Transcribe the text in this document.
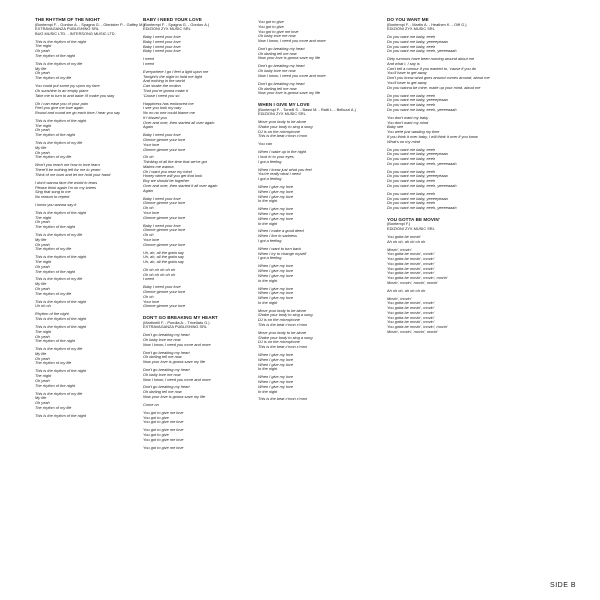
THE RHYTHM OF THE NIGHT
(Bontempi F. - Gordon A. - Spagna G. - Glenister P. - Gaffey M.)
EXTRAVAGANZA PUBLISHING SRL
BUG MUSIC LTD. - INTERSONG MUSIC LTD.
This is the rhythm of the night
The night
Oh yeah
The rhythm of the night
This is the rhythm of my life
My life
Oh yeah
The rhythm of my life
You could put some joy upon my face
Oh sunshine in an empty place
Take me to turn to and babe I'll make you stay
Oh I can ease you of your pain
Feel you give me love again
Round and round we go each time I hear you say
This is the rhythm of the night
The night
Oh yeah
The rhythm of the night
This is the rhythm of my life
My life
Oh yeah
The rhythm of my life
Won't you teach me how to love learn
There'll be nothing left for me to yearn
Think of me burn and let me hold your hand
I don't wanna face the world in tears
Please think again I'm on my knees
Sing that song to me
No reason to repent
I know you wanna say it
This is the rhythm of the night
The night
Oh yeah
The rhythm of the night
This is the rhythm of my life
My life
Oh yeah
The rhythm of my life
This is the rhythm of the night
The night
Oh yeah
The rhythm of the night
This is the rhythm of my life
My life
Oh yeah
The rhythm of my life
This is the rhythm of the night
Uh oh oh
Rhythm of the night
This is the rhythm of the night
This is the rhythm of the night
The night
Oh yeah
The rhythm of the night
This is the rhythm of my life
My life
Oh yeah
The rhythm of my life
This is the rhythm of the night
The night
Oh yeah
The rhythm of the night
This is the rhythm of my life
My life
Oh yeah
The rhythm of my life
This is the rhythm of the night
BABY I NEED YOUR LOVE
(Bontempi F. - Spagna G. - Gordon A.)
EDIZIONI ZYX MUSIC SRL
Baby I need your love
Baby I need your love
Baby I need your love
Baby I need your love
I need
I need
Everywhere I go I feel a light upon me
Tonight's the night to hold me tight
And nothing in the world
Can shake the motion
That you're gonna make it
'Cause I need you so
Happiness has embraced me
I see you look my way
No no no one could blame me
If I kissed you
Over and over, then started all over again
Again
Baby I need your love
Gimme gimme your love
Your love
Gimme gimme your love
Oh oh
Thinking of all the time that we've got
Makes me wanna
Oh I want you near my mind
Honey where will you get that look
Boy we should be together
Over and over, then started it all over again
Again
Baby I need your love
Gimme gimme your love
Oh oh
Your love
Gimme gimme your love
Baby I need your love
Gimme gimme your love
Oh oh
Your love
Gimme gimme your love
Uh, ah, all the gotta say
Uh, ah, all the gotta say
Uh, ah, all the gotta say
Oh oh oh oh oh oh
Oh oh oh oh oh oh
I need
Baby I need your love
Gimme gimme your love
Oh oh
Your love
Gimme gimme your love
DON'T GO BREAKING MY HEART
(Martinelli F. - Pundia A. - Trivellato G.)
EXTRAVAGANZA PUBLISHING SRL
Don't go breaking my heart
Oh baby love me now
Now I know, I need you more and more
Don't go breaking my heart
Oh darling tell me now
Now your love is gonna save my life
Don't go breaking my heart
Oh baby love me now
Now I know, I need you more and more
Don't go breaking my heart
Oh darling tell me now
Now your love is gonna save my life
Come on
You got to give me love
You got to give
You got to give me love
You got to give me love
You got to give
You got to give me love
You got to give me love
You got to give
You got to give
You got to give me love
Oh baby love me now
Now I know, I need you more and more
Don't go breaking my heart
Oh darling tell me now
Now your love is gonna save my life
Don't go breaking my heart
Oh baby love me now
Now I know, I need you more and more
Don't go breaking my heart
Oh darling tell me now
Now your love is gonna save my life
WHEN I GIVE MY LOVE
(Bontempi F. - Tonelli S. - Bassi M. - Ratti L. - Belluzzi A.)
EDIZIONI ZYX MUSIC SRL
Move your body to be alone
Shake your body to sing a song
DJ is on the microphone
This is the beat c'mon c'mon
You can
When I wake up in the night
I look in to your eyes
I got a feeling
When I know just what you feel
You're really what I need
I got a feeling
When I give my love
When I give my love
When I give my love
In the night
When I give my love
When I give my love
When I give my love
In the night
When I make a good deed
When I live in sadness
I got a feeling
When I want to turn back
When I try to change myself
I got a feeling
When I give my love
When I give my love
When I give my love
In the night
When I give my love
When I give my love
When I give my love
In the night
Move your body to be alone
Shake your body to sing a song
DJ is on the microphone
This is the beat c'mon c'mon
Move your body to be alone
Shake your body to sing a song
DJ is on the microphone
This is the beat c'mon c'mon
When I give my love
When I give my love
When I give my love
In the night
When I give my love
When I give my love
When I give my love
In the night
This is the beat c'mon c'mon
DO YOU WANT ME
(Bontempi F. - Martin A. - Heathen K. - Olff G.)
EDIZIONI ZYX MUSIC SRL
Do you want me baby, eeeh
Do you want me baby, yeeeeyeaaa
Do you want me baby, eeeh
Do you want me baby, eeeh, yeeeeaaah
Dirty rumours have been running around about me
And what I, I say is
Can't tell a rumour if you wanted to, 'cause if you do
You'll have to get away
Don't you know what goes around comes around, about me
You'll have to get away
Do you wanna be mine, make up your mind, about me
Do you want me baby, eeeh
Do you want me baby, yeeeeyeaaa
Do you want me baby, eeeh
Do you want me baby, eeeh, yeeeeaaah
You don't want my baby
You don't want my mind
Baby see
You were just wasting my time
If you think it over baby, I will think it over if you know
What's on my mind
Do you want me baby, eeeh
Do you want me baby, yeeeeyeaaa
Do you want me baby, eeeh
Do you want me baby, eeeh, yeeeeaaah
Do you want me baby, eeeh
Do you want me baby, yeeeeyeaaa
Do you want me baby, eeeh
Do you want me baby, eeeh, yeeeeaaah
Do you want me baby, eeeh
Do you want me baby, yeeeeyeaaa
Do you want me baby, eeeh
Do you want me baby, eeeh, yeeeeaaah
YOU GOTTA BE MOVIN'
(Bontempi F.)
EDIZIONI ZYX MUSIC SRL
You gotta be movin'
Ah oh oh, ah oh oh oh
Movin', movin'
You gotta be movin', movin'
You gotta be movin', movin'
You gotta be movin', movin'
You gotta be movin', movin'
You gotta be movin', movin'
You gotta be movin', movin', movin'
Movin', movin', movin', movin'
Ah oh oh, ah oh oh oh
Movin', movin'
You gotta be movin', movin'
You gotta be movin', movin'
You gotta be movin', movin'
You gotta be movin', movin'
You gotta be movin', movin'
You gotta be movin', movin', movin'
Movin', movin', movin', movin'
SIDE B
